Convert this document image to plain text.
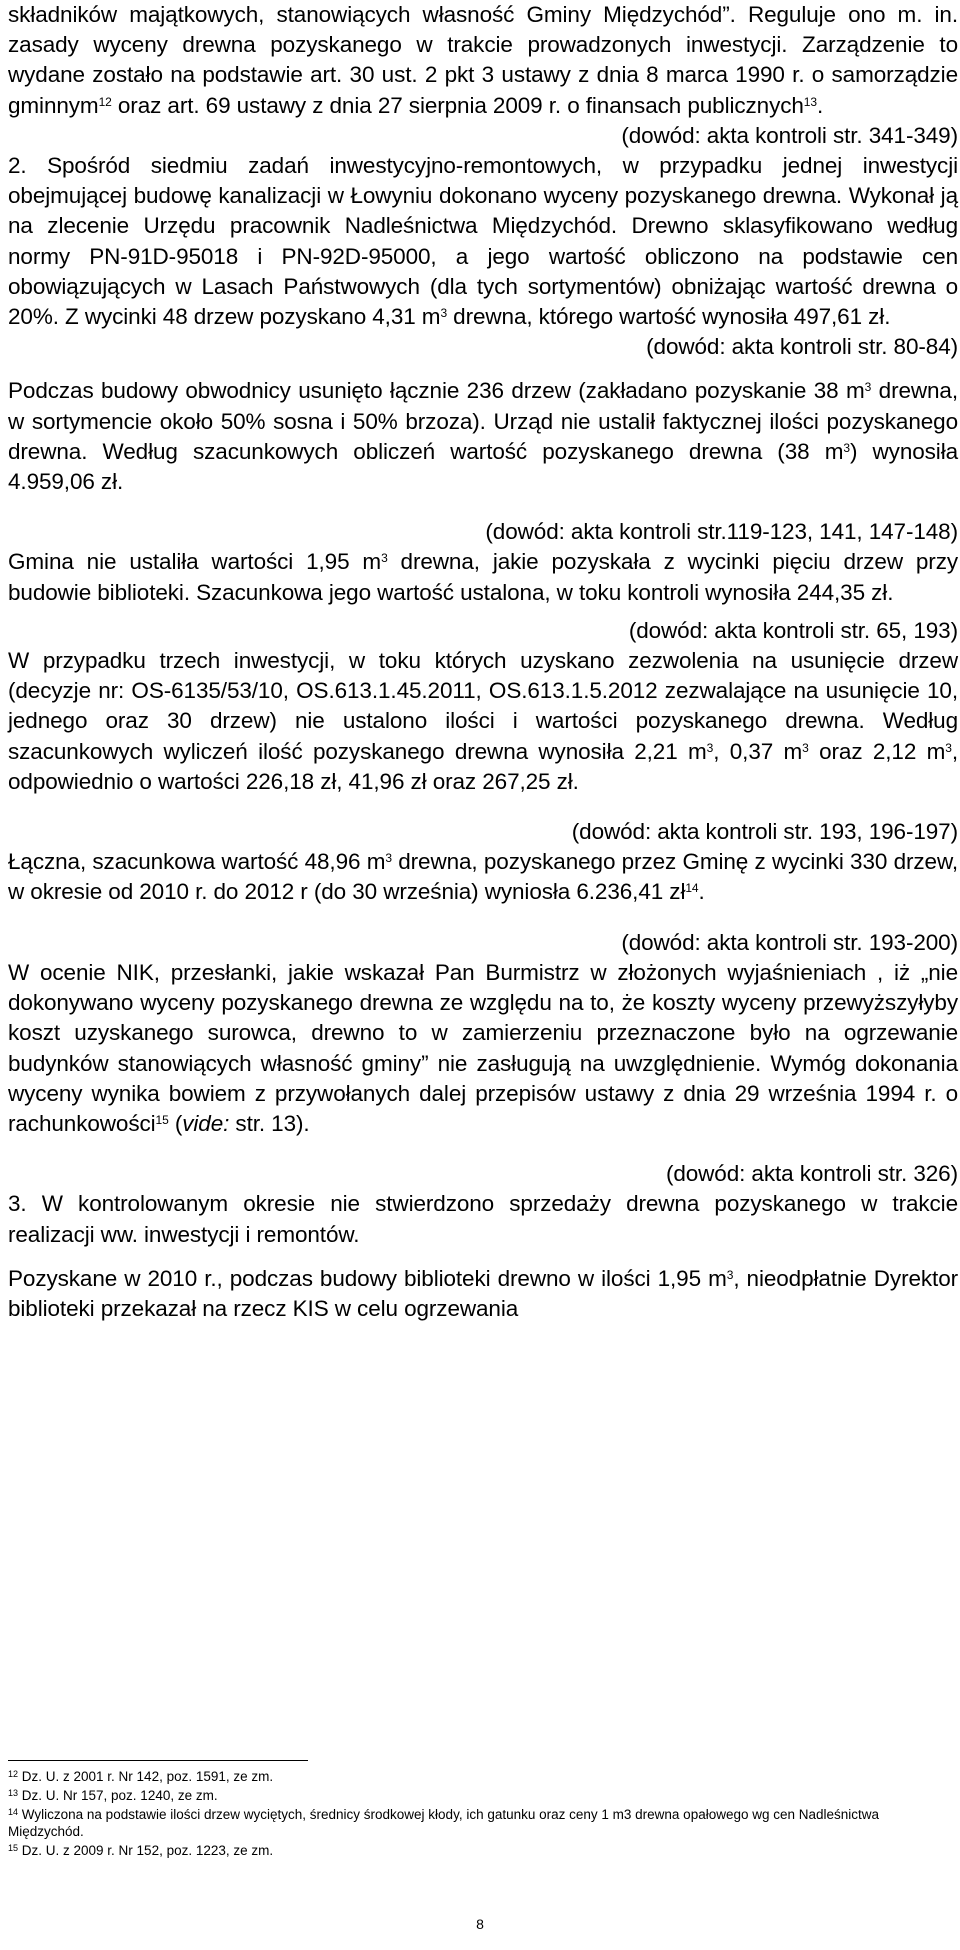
składników majątkowych, stanowiących własność Gminy Międzychód”. Reguluje ono m. in. zasady wyceny drewna pozyskanego w trakcie prowadzonych inwestycji. Zarządzenie to wydane zostało na podstawie art. 30 ust. 2 pkt 3 ustawy z dnia 8 marca 1990 r. o samorządzie gminnym$^{12}$ oraz art. 69 ustawy z dnia 27 sierpnia 2009 r. o finansach publicznych$^{13}$.

(dowód: akta kontroli str. 341-349)

2. Spośród siedmiu zadań inwestycyjno-remontowych, w przypadku jednej inwestycji obejmującej budowę kanalizacji w Łowyniu dokonano wyceny pozyskanego drewna. Wykonał ją na zlecenie Urzędu pracownik Nadleśnictwa Międzychód. Drewno sklasyfikowano według normy PN-91D-95018 i PN-92D-95000, a jego wartość obliczono na podstawie cen obowiązujących w Lasach Państwowych (dla tych sortymentów) obniżając wartość drewna o 20%. Z wycinki 48 drzew pozyskano 4,31 $m^3$ drewna, którego wartość wynosiła 497,61 zł.

(dowód: akta kontroli str. 80-84)

Podczas budowy obwodnicy usunięto łącznie 236 drzew (zakładano pozyskanie 38 $m^3$ drewna, w sortymencie około 50% sosna i 50% brzoza). Urząd nie ustalił faktycznej ilości pozyskanego drewna. Według szacunkowych obliczeń wartość pozyskanego drewna (38 $m^3$) wynosiła 4.959,06 zł.

(dowód: akta kontroli str.119-123, 141, 147-148)

Gmina nie ustaliła wartości 1,95 $m^3$ drewna, jakie pozyskała z wycinki pięciu drzew przy budowie biblioteki. Szacunkowa jego wartość ustalona, w toku kontroli wynosiła 244,35 zł.

(dowód: akta kontroli str. 65, 193)

W przypadku trzech inwestycji, w toku których uzyskano zezwolenia na usunięcie drzew (decyzje nr: OS-6135/53/10, OS.613.1.45.2011, OS.613.1.5.2012 zezwalające na usunięcie 10, jednego oraz 30 drzew) nie ustalono ilości i wartości pozyskanego drewna. Według szacunkowych wyliczeń ilość pozyskanego drewna wynosiła 2,21 $m^3$, 0,37 $m^3$ oraz 2,12 $m^3$, odpowiednio o wartości 226,18 zł, 41,96 zł oraz 267,25 zł.

(dowód: akta kontroli str. 193, 196-197)

Łączna, szacunkowa wartość 48,96 $m^3$ drewna, pozyskanego przez Gminę z wycinki 330 drzew, w okresie od 2010 r. do 2012 r (do 30 września) wyniosła 6.236,41 $zł^{14}$.

(dowód: akta kontroli str. 193-200)

W ocenie NIK, przesłanki, jakie wskazał Pan Burmistrz w złożonych wyjaśnieniach , iż „nie dokonywano wyceny pozyskanego drewna ze względu na to, że koszty wyceny przewyższyłyby koszt uzyskanego surowca, drewno to w zamierzeniu przeznaczone było na ogrzewanie budynków stanowiących własność gminy” nie zasługują na uwzględnienie. Wymóg dokonania wyceny wynika bowiem z przywołanych dalej przepisów ustawy z dnia 29 września 1994 r. o rachunkowości$^{15}$ (vide: str. 13).

(dowód: akta kontroli str. 326)

3. W kontrolowanym okresie nie stwierdzono sprzedaży drewna pozyskanego w trakcie realizacji ww. inwestycji i remontów.

Pozyskane w 2010 r., podczas budowy biblioteki drewno w ilości 1,95 $m^3$, nieodpłatnie Dyrektor biblioteki przekazał na rzecz KIS w celu ogrzewania

$^{12}$ Dz. U. z 2001 r. Nr 142, poz. 1591, ze zm.

$^{13}$ Dz. U. Nr 157, poz. 1240, ze zm.

$^{14}$ Wyliczona na podstawie ilości drzew wyciętych, średnicy środkowej kłody, ich gatunku oraz ceny 1 m3 drewna opałowego wg cen Nadleśnictwa Międzychód.

$^{15}$ Dz. U. z 2009 r. Nr 152, poz. 1223, ze zm.

8
